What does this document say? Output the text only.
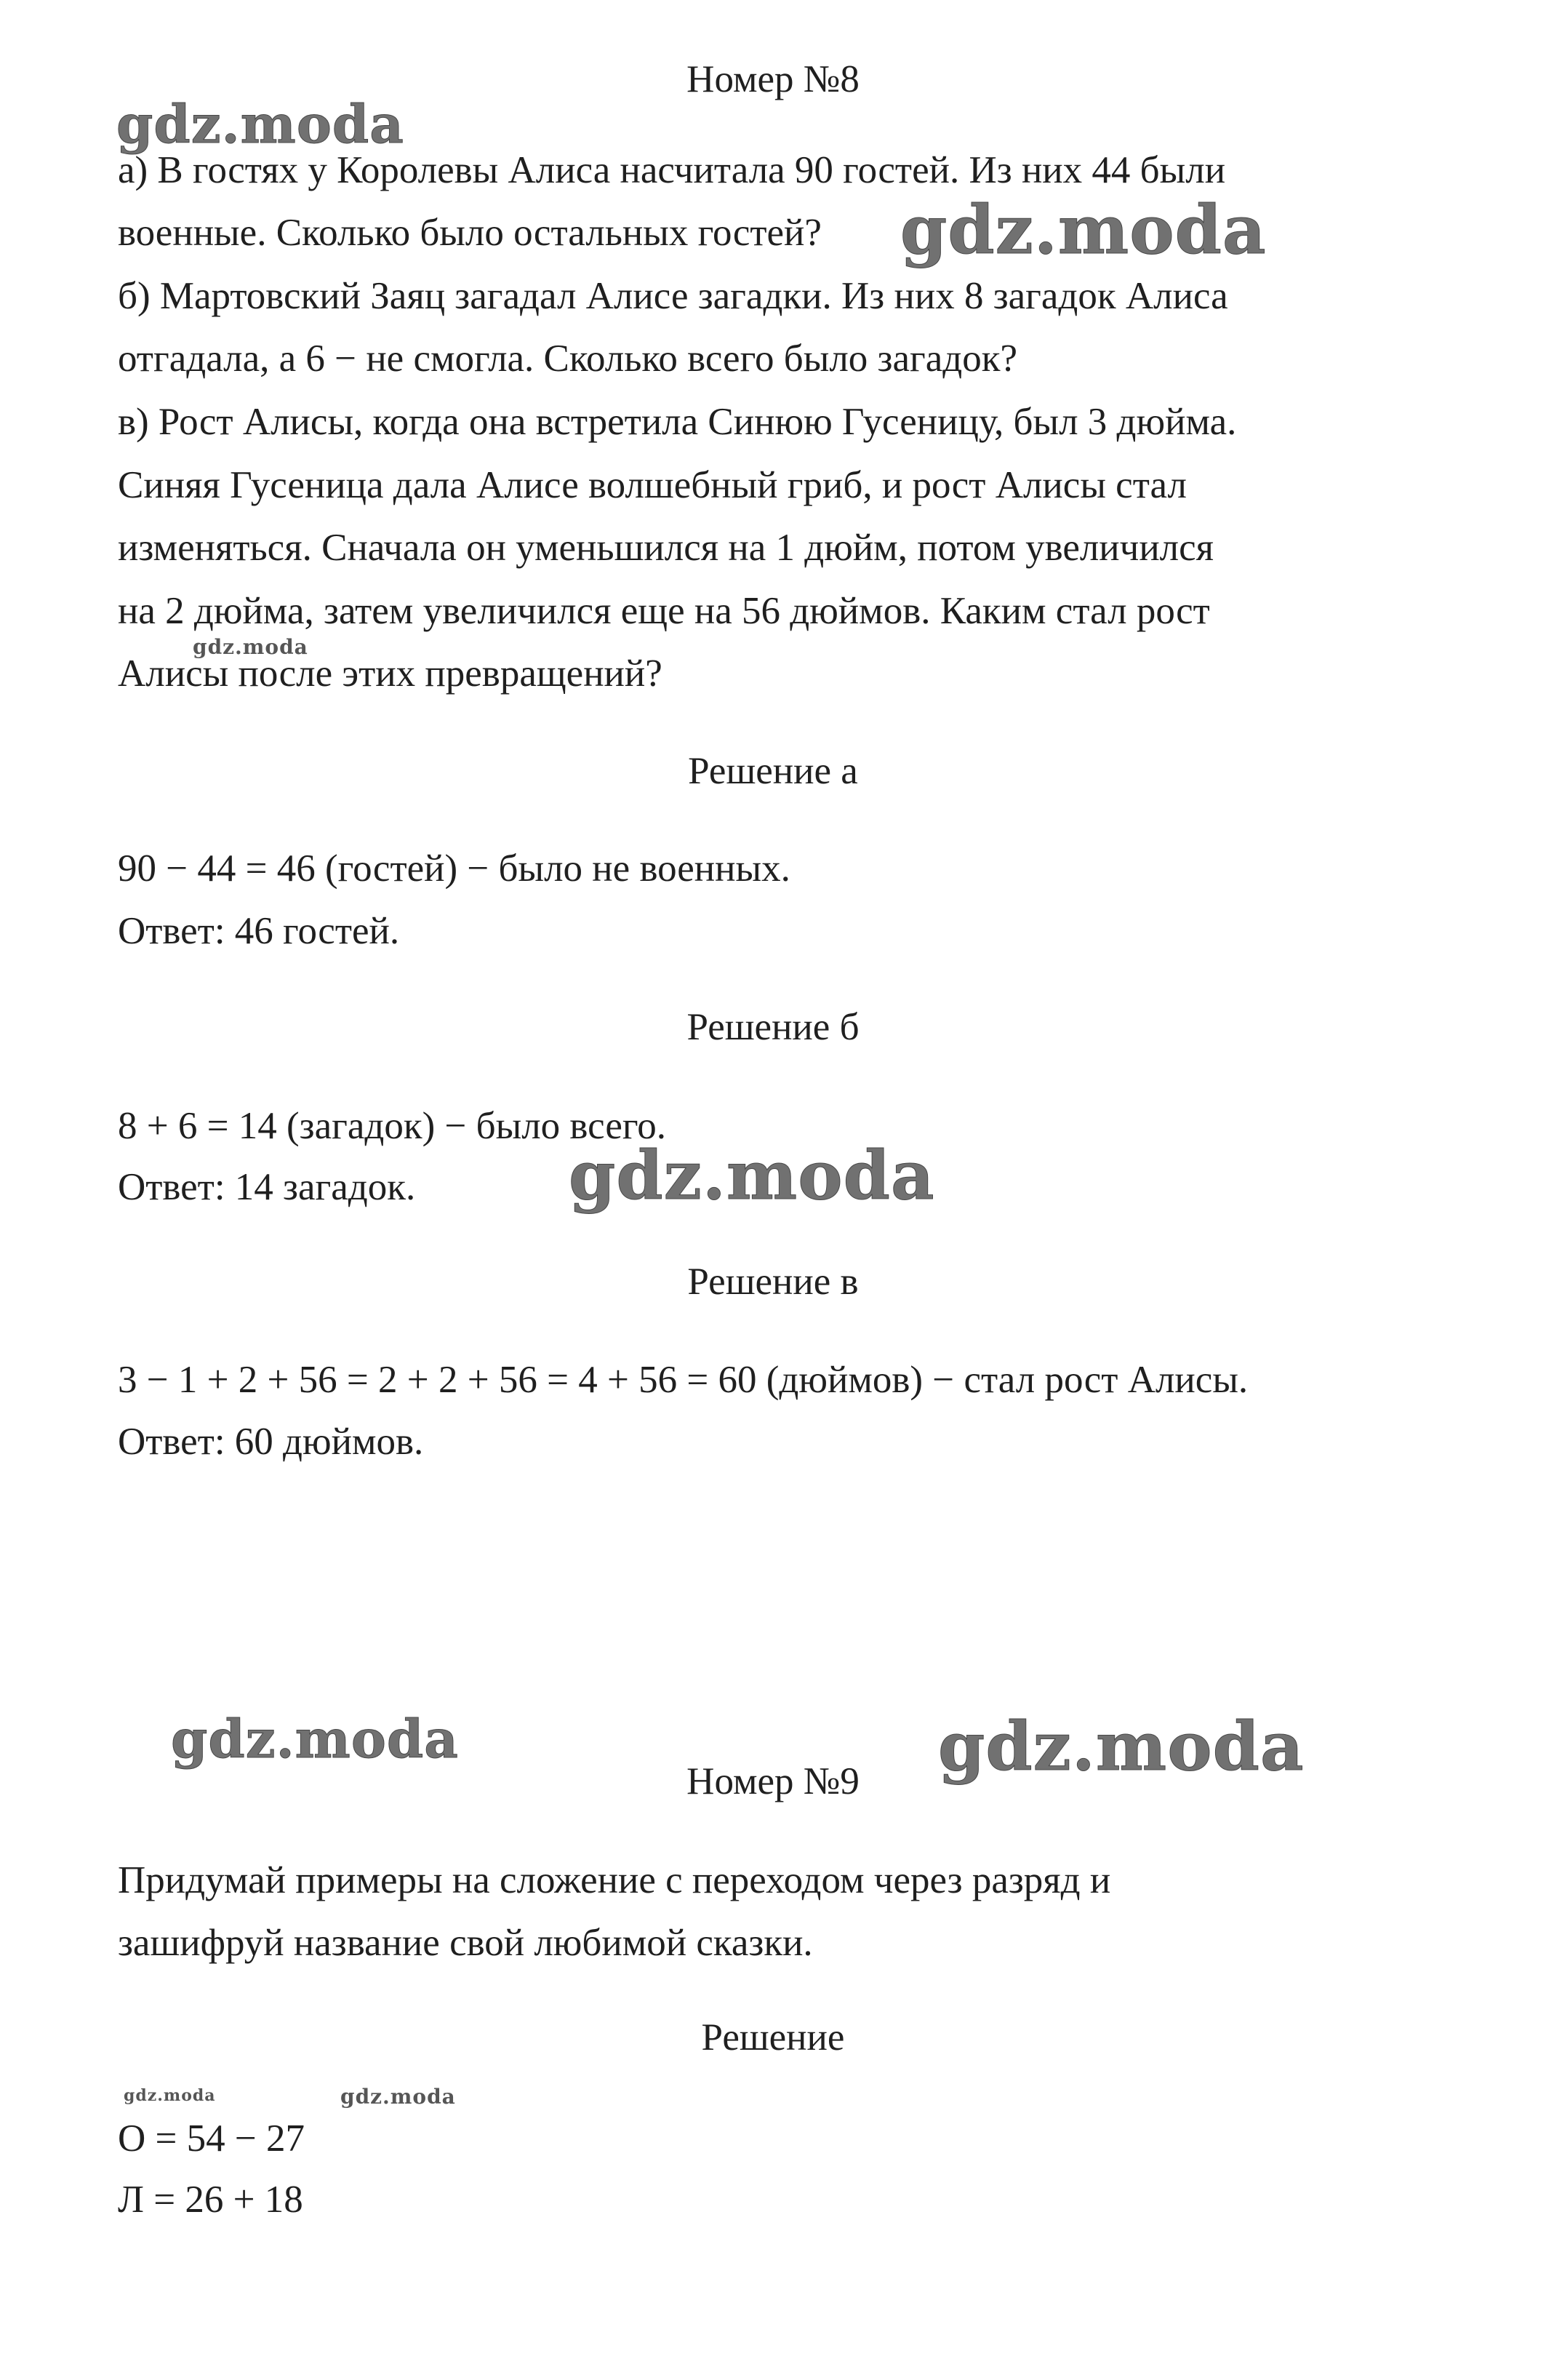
Номер №8
а) В гостях у Королевы Алиса насчитала 90 гостей. Из них 44 были
военные. Сколько было остальных гостей?
б) Мартовский Заяц загадал Алисе загадки. Из них 8 загадок Алиса
отгадала, а 6 − не смогла. Сколько всего было загадок?
в) Рост Алисы, когда она встретила Синюю Гусеницу, был 3 дюйма.
Синяя Гусеница дала Алисе волшебный гриб, и рост Алисы стал
изменяться. Сначала он уменьшился на 1 дюйм, потом увеличился
на 2 дюйма, затем увеличился еще на 56 дюймов. Каким стал рост
Алисы после этих превращений?
Решение а
90 − 44 = 46 (гостей) − было не военных.
Ответ: 46 гостей.
Решение б
8 + 6 = 14 (загадок) − было всего.
Ответ: 14 загадок.
Решение в
3 − 1 + 2 + 56 = 2 + 2 + 56 = 4 + 56 = 60 (дюймов) − стал рост Алисы.
Ответ: 60 дюймов.
Номер №9
Придумай примеры на сложение с переходом через разряд и
зашифруй название свой любимой сказки.
Решение
О = 54 − 27
Л = 26 + 18
gdz.moda
gdz.moda
gdz.moda
gdz.moda
gdz.moda	gdz.moda
gdz.moda	gdz.moda
